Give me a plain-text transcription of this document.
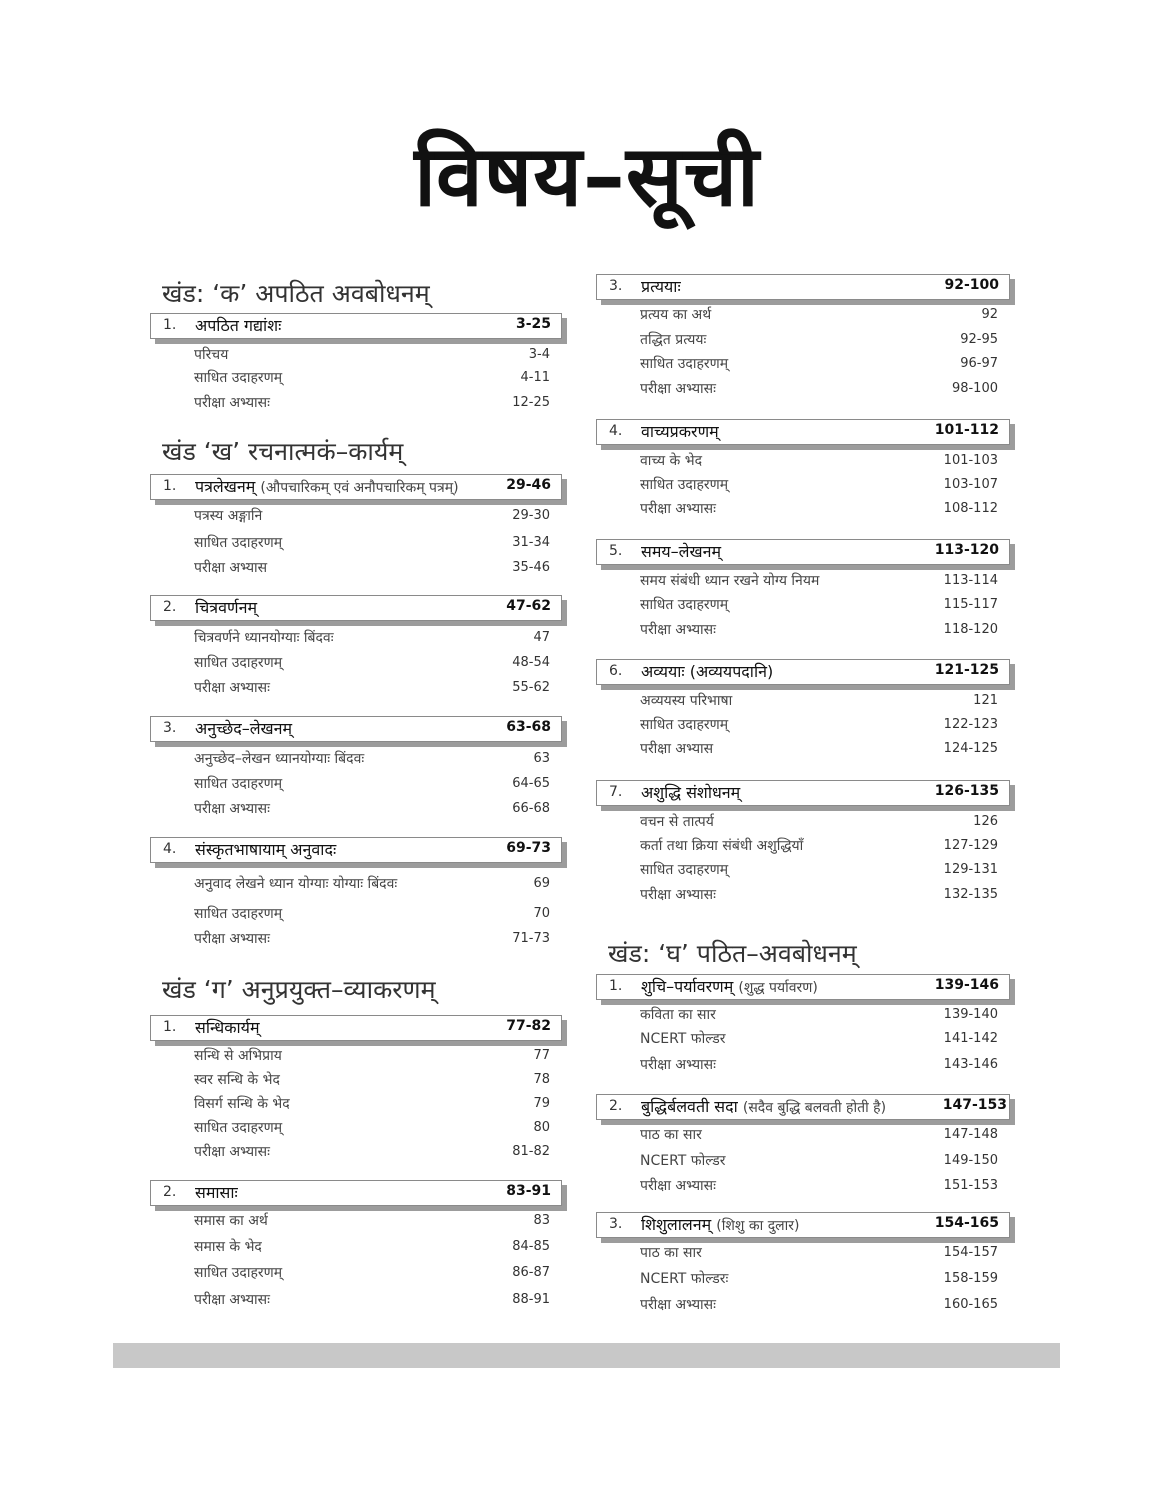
विषय–सूची
खंड: ‘क’ अपठित अवबोधनम्
1. अपठित गद्यांशः	3-25
परिचय	3-4
साधित उदाहरणम्	4-11
परीक्षा अभ्यासः	12-25
खंड ‘ख’ रचनात्मकं–कार्यम्
1. पत्रलेखनम् (औपचारिकम् एवं अनौपचारिकम् पत्रम्)	29-46
पत्रस्य अङ्गानि	29-30
साधित उदाहरणम्	31-34
परीक्षा अभ्यास	35-46
2. चित्रवर्णनम्	47-62
चित्रवर्णने ध्यानयोग्याः बिंदवः	47
साधित उदाहरणम्	48-54
परीक्षा अभ्यासः	55-62
3. अनुच्छेद–लेखनम्	63-68
अनुच्छेद–लेखन ध्यानयोग्याः बिंदवः	63
साधित उदाहरणम्	64-65
परीक्षा अभ्यासः	66-68
4. संस्कृतभाषायाम् अनुवादः	69-73
अनुवाद लेखने ध्यान योग्याः योग्याः बिंदवः	69
साधित उदाहरणम्	70
परीक्षा अभ्यासः	71-73
खंड ‘ग’ अनुप्रयुक्त–व्याकरणम्
1. सन्धिकार्यम्	77-82
सन्धि से अभिप्राय	77
स्वर सन्धि के भेद	78
विसर्ग सन्धि के भेद	79
साधित उदाहरणम्	80
परीक्षा अभ्यासः	81-82
2. समासाः	83-91
समास का अर्थ	83
समास के भेद	84-85
साधित उदाहरणम्	86-87
परीक्षा अभ्यासः	88-91
3. प्रत्ययाः	92-100
प्रत्यय का अर्थ	92
तद्धित प्रत्ययः	92-95
साधित उदाहरणम्	96-97
परीक्षा अभ्यासः	98-100
4. वाच्यप्रकरणम्	101-112
वाच्य के भेद	101-103
साधित उदाहरणम्	103-107
परीक्षा अभ्यासः	108-112
5. समय–लेखनम्	113-120
समय संबंधी ध्यान रखने योग्य नियम	113-114
साधित उदाहरणम्	115-117
परीक्षा अभ्यासः	118-120
6. अव्ययाः (अव्ययपदानि)	121-125
अव्ययस्य परिभाषा	121
साधित उदाहरणम्	122-123
परीक्षा अभ्यास	124-125
7. अशुद्धि संशोधनम्	126-135
वचन से तात्पर्य	126
कर्ता तथा क्रिया संबंधी अशुद्धियाँ	127-129
साधित उदाहरणम्	129-131
परीक्षा अभ्यासः	132-135
खंड: ‘घ’ पठित–अवबोधनम्
1. शुचि–पर्यावरणम् (शुद्ध पर्यावरण)	139-146
कविता का सार	139-140
NCERT फोल्डर	141-142
परीक्षा अभ्यासः	143-146
2. बुद्धिर्बलवती सदा (सदैव बुद्धि बलवती होती है)	147-153
पाठ का सार	147-148
NCERT फोल्डर	149-150
परीक्षा अभ्यासः	151-153
3. शिशुलालनम् (शिशु का दुलार)	154-165
पाठ का सार	154-157
NCERT फोल्डरः	158-159
परीक्षा अभ्यासः	160-165
